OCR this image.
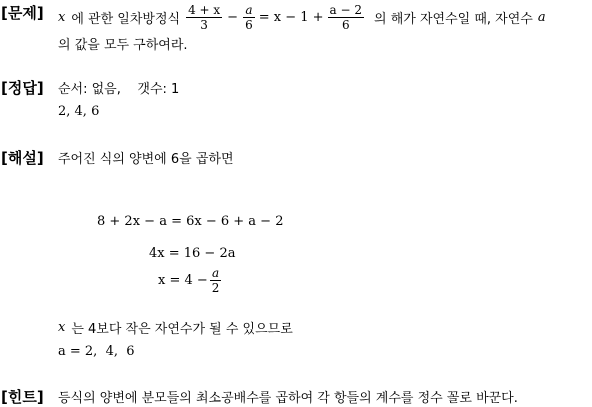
[문제] x 에 관한 일차방정식 $\frac{4 + x}{3} - \frac{a}{6} = x - 1 + \frac{a - 2}{6}$ 의 해가 자연수일 때, 자연수 a
의 값을 모두 구하여라.
[정답] 순서: 없음,    갯수: 1
2, 4, 6
[해설] 주어진 식의 양변에 6을 곱하면
8 + 2x − a = 6x − 6 + a − 2
4x = 16 − 2a
$x = 4 - \frac{a}{2}$
x 는 4보다 작은 자연수가 될 수 있으므로
a = 2,  4,  6
[힌트] 등식의 양변에 분모들의 최소공배수를 곱하여 각 항들의 계수를 정수 꼴로 바꾼다.
